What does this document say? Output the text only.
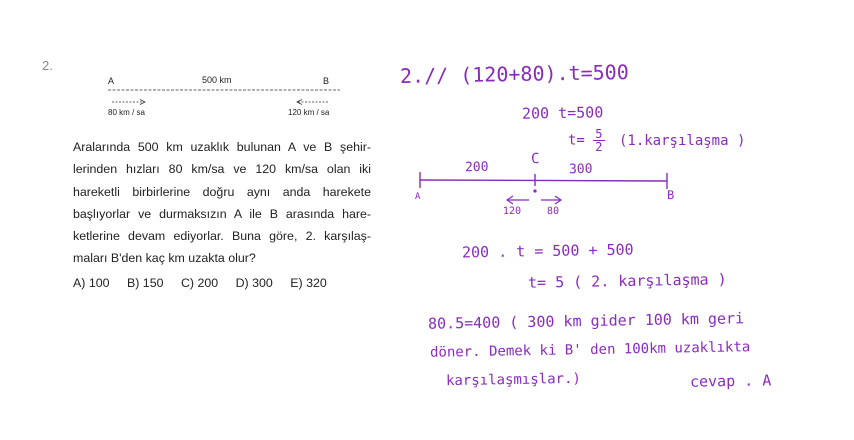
2.
A	500 km	B
80 km / sa	120 km / sa
Aralarında 500 km uzaklık bulunan A ve B şehir-
lerinden hızları 80 km/sa ve 120 km/sa olan iki
hareketli birbirlerine doğru aynı anda harekete
başlıyorlar ve durmaksızın A ile B arasında hare-
ketlerine devam ediyorlar. Buna göre, 2. karşılaş-
maları B'den kaç km uzakta olur?
A) 100 B) 150 C) 200 D) 300 E) 320
2.// (120+80).t=500
200 t=500
$t= \frac{5}{2}$ (1.karşılaşma )
200
C
300
A	B
120	80
200 . t = 500 + 500
t= 5 ( 2. karşılaşma )
80.5=400 ( 300 km gider 100 km geri
döner. Demek ki B' den 100km uzaklıkta
karşılaşmışlar.)	cevap . A
